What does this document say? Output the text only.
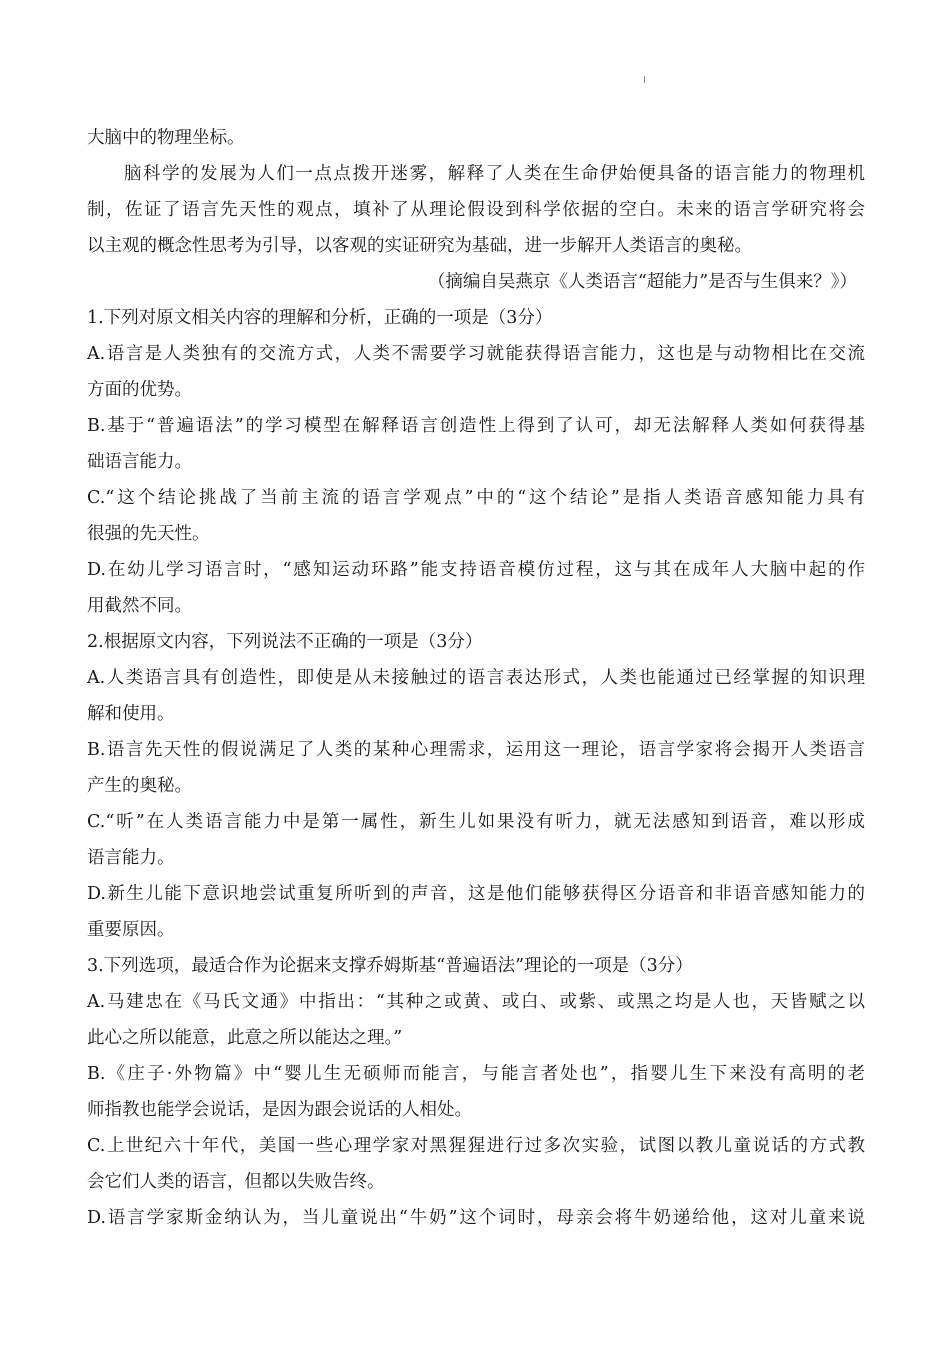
大脑中的物理坐标。
脑科学的发展为人们一点点拨开迷雾，解释了人类在生命伊始便具备的语言能力的物理机
制，佐证了语言先天性的观点，填补了从理论假设到科学依据的空白。未来的语言学研究将会
以主观的概念性思考为引导，以客观的实证研究为基础，进一步解开人类语言的奥秘。
（摘编自吴燕京《人类语言“超能力”是否与生俱来？》）
1.下列对原文相关内容的理解和分析，正确的一项是（3分）
A.语言是人类独有的交流方式，人类不需要学习就能获得语言能力，这也是与动物相比在交流
方面的优势。
B.基于“普遍语法”的学习模型在解释语言创造性上得到了认可，却无法解释人类如何获得基
础语言能力。
C.“这个结论挑战了当前主流的语言学观点”中的“这个结论”是指人类语音感知能力具有
很强的先天性。
D.在幼儿学习语言时，“感知运动环路”能支持语音模仿过程，这与其在成年人大脑中起的作
用截然不同。
2.根据原文内容，下列说法不正确的一项是（3分）
A.人类语言具有创造性，即使是从未接触过的语言表达形式，人类也能通过已经掌握的知识理
解和使用。
B.语言先天性的假说满足了人类的某种心理需求，运用这一理论，语言学家将会揭开人类语言
产生的奥秘。
C.“听”在人类语言能力中是第一属性，新生儿如果没有听力，就无法感知到语音，难以形成
语言能力。
D.新生儿能下意识地尝试重复所听到的声音，这是他们能够获得区分语音和非语音感知能力的
重要原因。
3.下列选项，最适合作为论据来支撑乔姆斯基“普遍语法”理论的一项是（3分）
A.马建忠在《马氏文通》中指出：“其种之或黄、或白、或紫、或黑之均是人也，天皆赋之以
此心之所以能意，此意之所以能达之理。”
B.《庄子·外物篇》中“婴儿生无硕师而能言，与能言者处也”，指婴儿生下来没有高明的老
师指教也能学会说话，是因为跟会说话的人相处。
C.上世纪六十年代，美国一些心理学家对黑猩猩进行过多次实验，试图以教儿童说话的方式教
会它们人类的语言，但都以失败告终。
D.语言学家斯金纳认为，当儿童说出“牛奶”这个词时，母亲会将牛奶递给他，这对儿童来说
